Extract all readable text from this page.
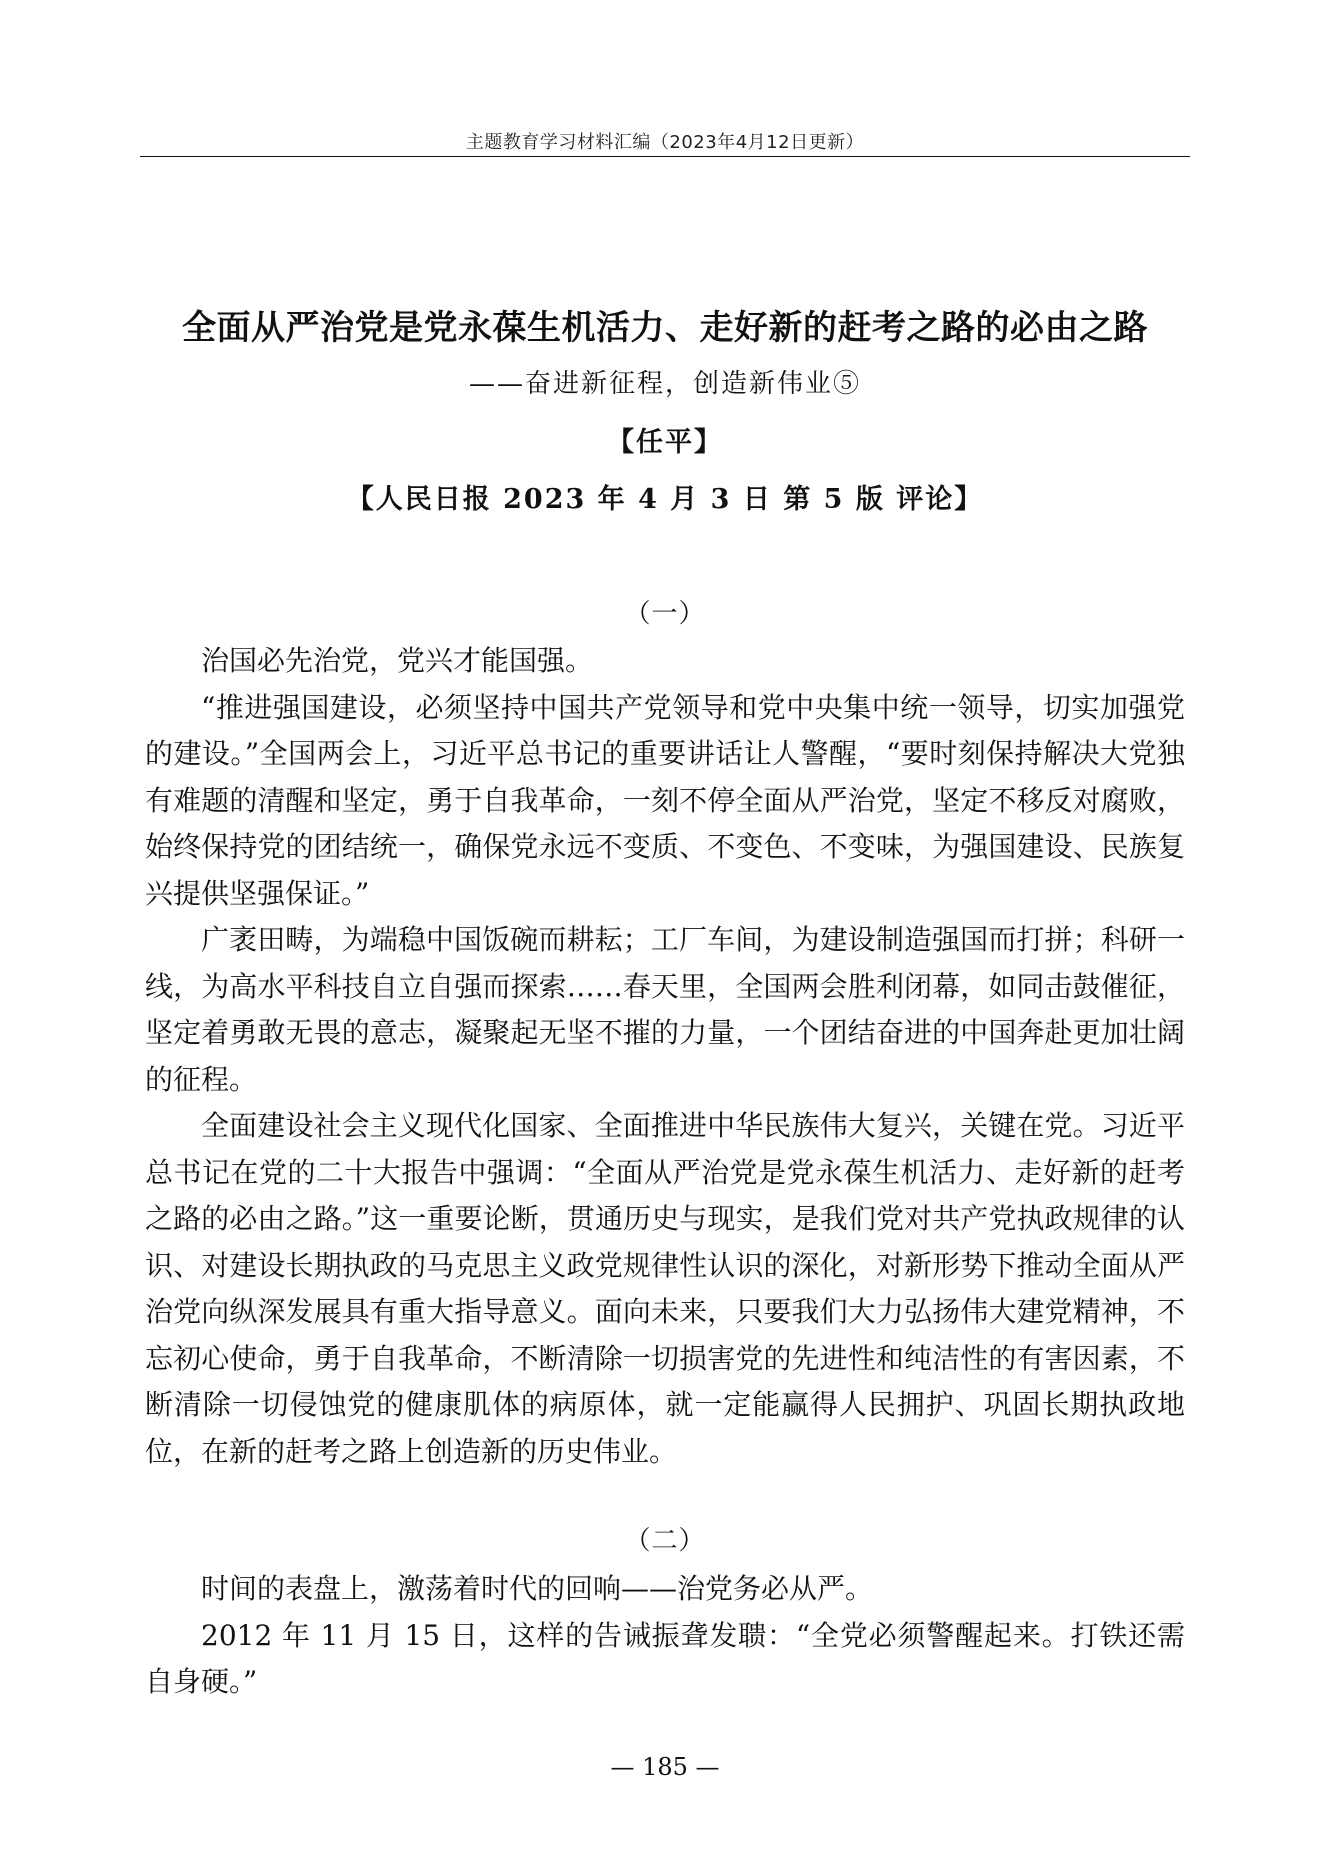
主题教育学习材料汇编（2023年4月12日更新）
全面从严治党是党永葆生机活力、走好新的赶考之路的必由之路
——奋进新征程，创造新伟业⑤
【任平】
【人民日报 2023 年 4 月 3 日 第 5 版 评论】
（一）

治国必先治党，党兴才能国强。

“推进强国建设，必须坚持中国共产党领导和党中央集中统一领导，切实加强党的建设。”全国两会上，习近平总书记的重要讲话让人警醒，“要时刻保持解决大党独有难题的清醒和坚定，勇于自我革命，一刻不停全面从严治党，坚定不移反对腐败，始终保持党的团结统一，确保党永远不变质、不变色、不变味，为强国建设、民族复兴提供坚强保证。”

广袤田畴，为端稳中国饭碗而耕耘；工厂车间，为建设制造强国而打拼；科研一线，为高水平科技自立自强而探索……春天里，全国两会胜利闭幕，如同击鼓催征，坚定着勇敢无畏的意志，凝聚起无坚不摧的力量，一个团结奋进的中国奔赴更加壮阔的征程。

全面建设社会主义现代化国家、全面推进中华民族伟大复兴，关键在党。习近平总书记在党的二十大报告中强调：“全面从严治党是党永葆生机活力、走好新的赶考之路的必由之路。”这一重要论断，贯通历史与现实，是我们党对共产党执政规律的认识、对建设长期执政的马克思主义政党规律性认识的深化，对新形势下推动全面从严治党向纵深发展具有重大指导意义。面向未来，只要我们大力弘扬伟大建党精神，不忘初心使命，勇于自我革命，不断清除一切损害党的先进性和纯洁性的有害因素，不断清除一切侵蚀党的健康肌体的病原体，就一定能赢得人民拥护、巩固长期执政地位，在新的赶考之路上创造新的历史伟业。

（二）

时间的表盘上，激荡着时代的回响——治党务必从严。

2012 年 11 月 15 日，这样的告诫振聋发聩：“全党必须警醒起来。打铁还需自身硬。”

— 185 —
